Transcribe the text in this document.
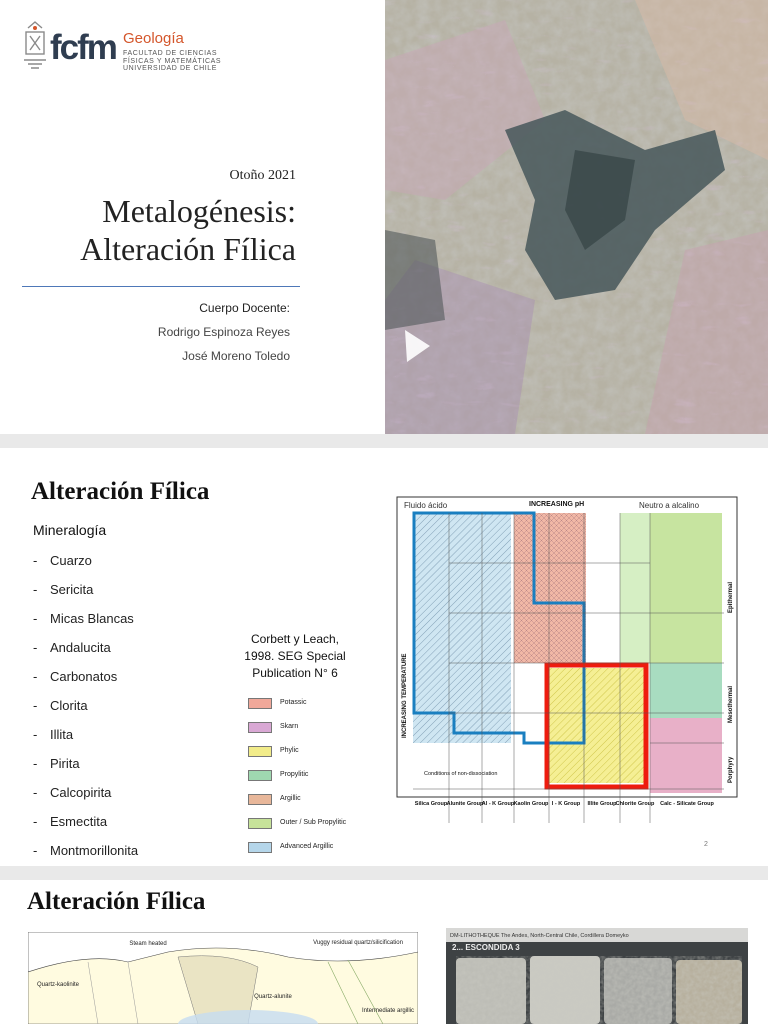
fcfm Geología
FACULTAD DE CIENCIAS
FÍSICAS Y MATEMÁTICAS
UNIVERSIDAD DE CHILE
Otoño 2021
Metalogénesis:
Alteración Fílica
Cuerpo Docente:
Rodrigo Espinoza Reyes
José Moreno Toledo
Alteración Fílica
Mineralogía
- Cuarzo
- Sericita
- Micas Blancas
- Andalucita
- Carbonatos
- Clorita
- Illita
- Pirita
- Calcopirita
- Esmectita
- Montmorillonita
Corbett y Leach,
1998. SEG Special
Publication N° 6
Potassic
Skarn
Phylic
Propylitic
Argillic
Outer / Sub Propylitic
Advanced Argillic
Fluido ácido	INCREASING pH	Neutro a alcalino
INCREASING TEMPERATURE
Epithermal
Mesothermal
Porphyry
Conditions of non-dissociation
Silica Group Alunite Group
Al - K Group Kaolin Group I - K Group Illite Group Chlorite Group Calc - Silicate Group
2
Alteración Fílica
Steam heated	Vuggy residual quartz/silicification
Quartz-kaolinite
Quartz-alunite
Intermediate argillic
DM-LITHOTHEQUE The Andes, North-Central Chile, Cordillera Domeyko
2... ESCONDIDA 3
